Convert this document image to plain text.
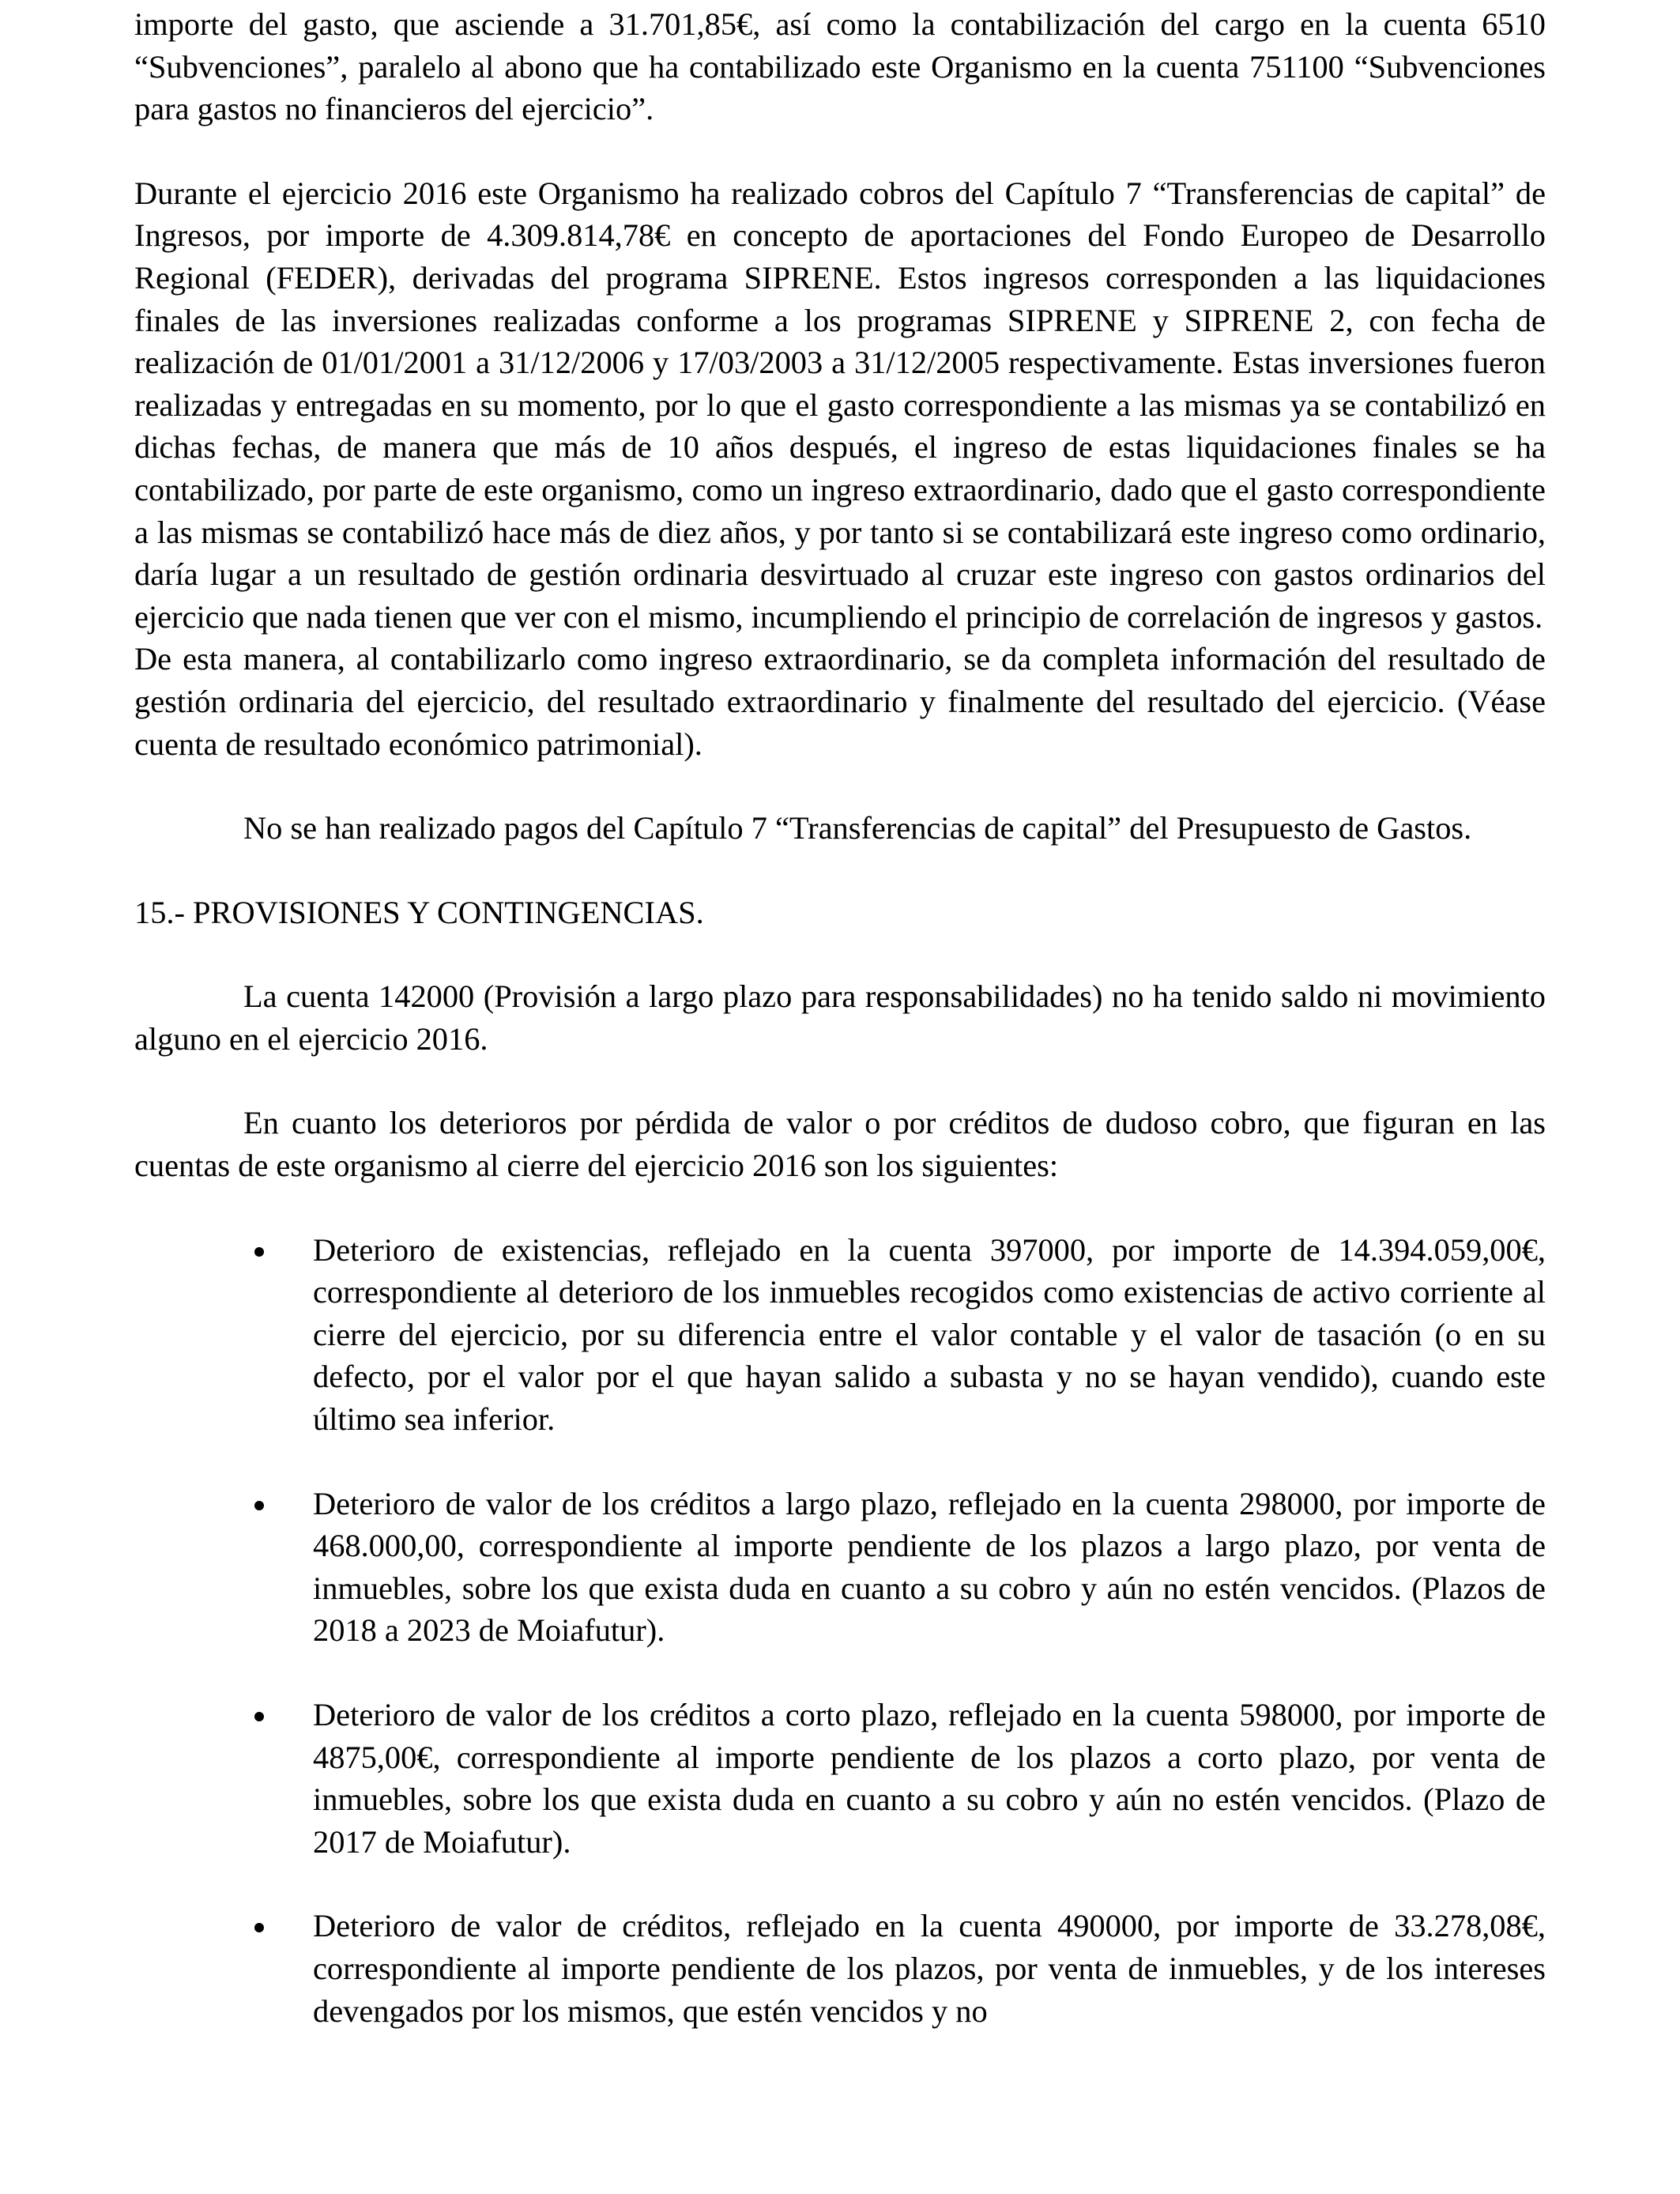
importe del gasto, que asciende a 31.701,85€, así como la contabilización del cargo en la cuenta 6510 “Subvenciones”, paralelo al abono que ha contabilizado este Organismo en la cuenta 751100 “Subvenciones para gastos no financieros del ejercicio”.

Durante el ejercicio 2016 este Organismo ha realizado cobros del Capítulo 7 “Transferencias de capital” de Ingresos, por importe de 4.309.814,78€ en concepto de aportaciones del Fondo Europeo de Desarrollo Regional (FEDER), derivadas del programa SIPRENE. Estos ingresos corresponden a las liquidaciones finales de las inversiones realizadas conforme a los programas SIPRENE y SIPRENE 2, con fecha de realización de 01/01/2001 a 31/12/2006 y 17/03/2003 a 31/12/2005 respectivamente. Estas inversiones fueron realizadas y entregadas en su momento, por lo que el gasto correspondiente a las mismas ya se contabilizó en dichas fechas, de manera que más de 10 años después, el ingreso de estas liquidaciones finales se ha contabilizado, por parte de este organismo, como un ingreso extraordinario, dado que el gasto correspondiente a las mismas se contabilizó hace más de diez años, y por tanto si se contabilizará este ingreso como ordinario, daría lugar a un resultado de gestión ordinaria desvirtuado al cruzar este ingreso con gastos ordinarios del ejercicio que nada tienen que ver con el mismo, incumpliendo el principio de correlación de ingresos y gastos.

De esta manera, al contabilizarlo como ingreso extraordinario, se da completa información del resultado de gestión ordinaria del ejercicio, del resultado extraordinario y finalmente del resultado del ejercicio. (Véase cuenta de resultado económico patrimonial).

No se han realizado pagos del Capítulo 7 “Transferencias de capital” del Presupuesto de Gastos.

15.- PROVISIONES Y CONTINGENCIAS.

La cuenta 142000 (Provisión a largo plazo para responsabilidades) no ha tenido saldo ni movimiento alguno en el ejercicio 2016.

En cuanto los deterioros por pérdida de valor o por créditos de dudoso cobro, que figuran en las cuentas de este organismo al cierre del ejercicio 2016 son los siguientes:

Deterioro de existencias, reflejado en la cuenta 397000, por importe de 14.394.059,00€, correspondiente al deterioro de los inmuebles recogidos como existencias de activo corriente al cierre del ejercicio, por su diferencia entre el valor contable y el valor de tasación (o en su defecto, por el valor por el que hayan salido a subasta y no se hayan vendido), cuando este último sea inferior.
Deterioro de valor de los créditos a largo plazo, reflejado en la cuenta 298000, por importe de 468.000,00, correspondiente al importe pendiente de los plazos a largo plazo, por venta de inmuebles, sobre los que exista duda en cuanto a su cobro y aún no estén vencidos. (Plazos de 2018 a 2023 de Moiafutur).
Deterioro de valor de los créditos a corto plazo, reflejado en la cuenta 598000, por importe de 4875,00€, correspondiente al importe pendiente de los plazos a corto plazo, por venta de inmuebles, sobre los que exista duda en cuanto a su cobro y aún no estén vencidos. (Plazo de 2017 de Moiafutur).
Deterioro de valor de créditos, reflejado en la cuenta 490000, por importe de 33.278,08€, correspondiente al importe pendiente de los plazos, por venta de inmuebles, y de los intereses devengados por los mismos, que estén vencidos y no
